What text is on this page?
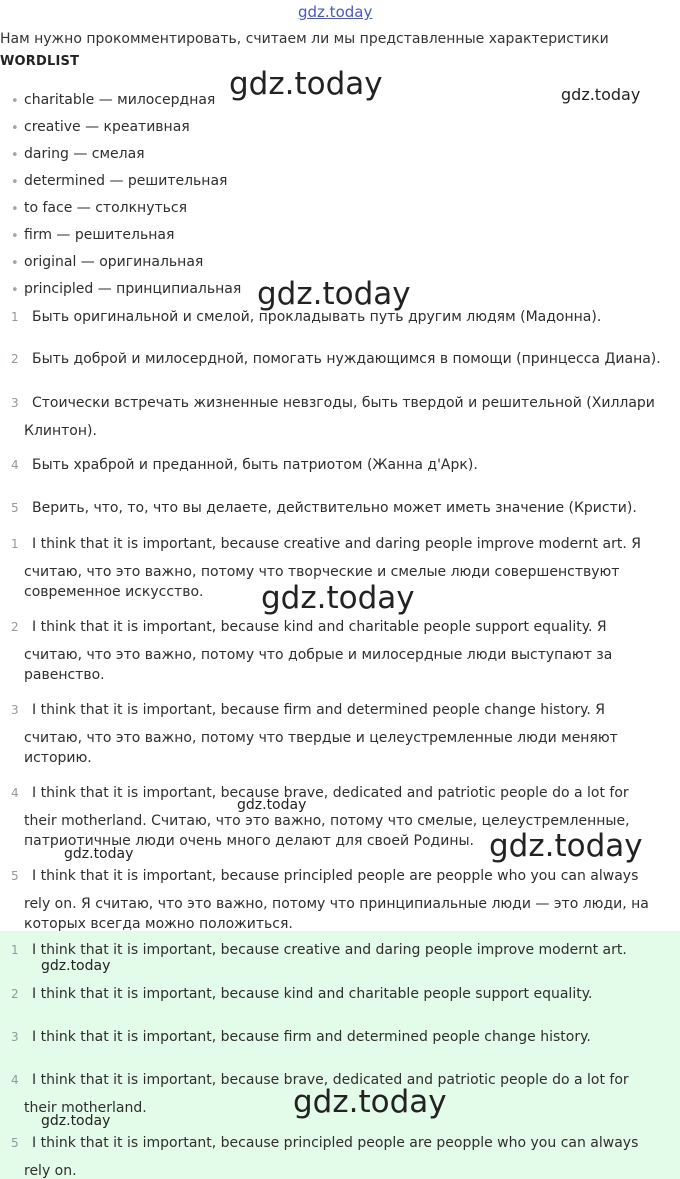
gdz.today
Нам нужно прокомментировать, считаем ли мы представленные характеристики
WORDLIST
• charitable — милосердная
• creative — креативная
• daring — смелая
• determined — решительная
• to face — столкнуться
• firm — решительная
• original — оригинальная
• principled — принципиальная
1 Быть оригинальной и смелой, прокладывать путь другим людям (Мадонна).
2 Быть доброй и милосердной, помогать нуждающимся в помощи (принцесса Диана).
3 Стоически встречать жизненные невзгоды, быть твердой и решительной (Хиллари
Клинтон).
4 Быть храброй и преданной, быть патриотом (Жанна д'Арк).
5 Верить, что, то, что вы делаете, действительно может иметь значение (Кристи).
1 I think that it is important, because creative and daring people improve modernt art. Я
считаю, что это важно, потому что творческие и смелые люди совершенствуют
современное искусство.
2 I think that it is important, because kind and charitable people support equality. Я
считаю, что это важно, потому что добрые и милосердные люди выступают за
равенство.
3 I think that it is important, because firm and determined people change history. Я
считаю, что это важно, потому что твердые и целеустремленные люди меняют
историю.
4 I think that it is important, because brave, dedicated and patriotic people do a lot for
their motherland. Считаю, что это важно, потому что смелые, целеустремленные,
патриотичные люди очень много делают для своей Родины.
5 I think that it is important, because principled people are peopple who you can always
rely on. Я считаю, что это важно, потому что принципиальные люди — это люди, на
которых всегда можно положиться.
1 I think that it is important, because creative and daring people improve modernt art.
2 I think that it is important, because kind and charitable people support equality.
3 I think that it is important, because firm and determined people change history.
4 I think that it is important, because brave, dedicated and patriotic people do a lot for
their motherland.
5 I think that it is important, because principled people are peopple who you can always
rely on.
gdz.today	gdz.today
gdz.today
gdz.today
gdz.today
gdz.today
gdz.today
gdz.today
gdz.today
gdz.today
